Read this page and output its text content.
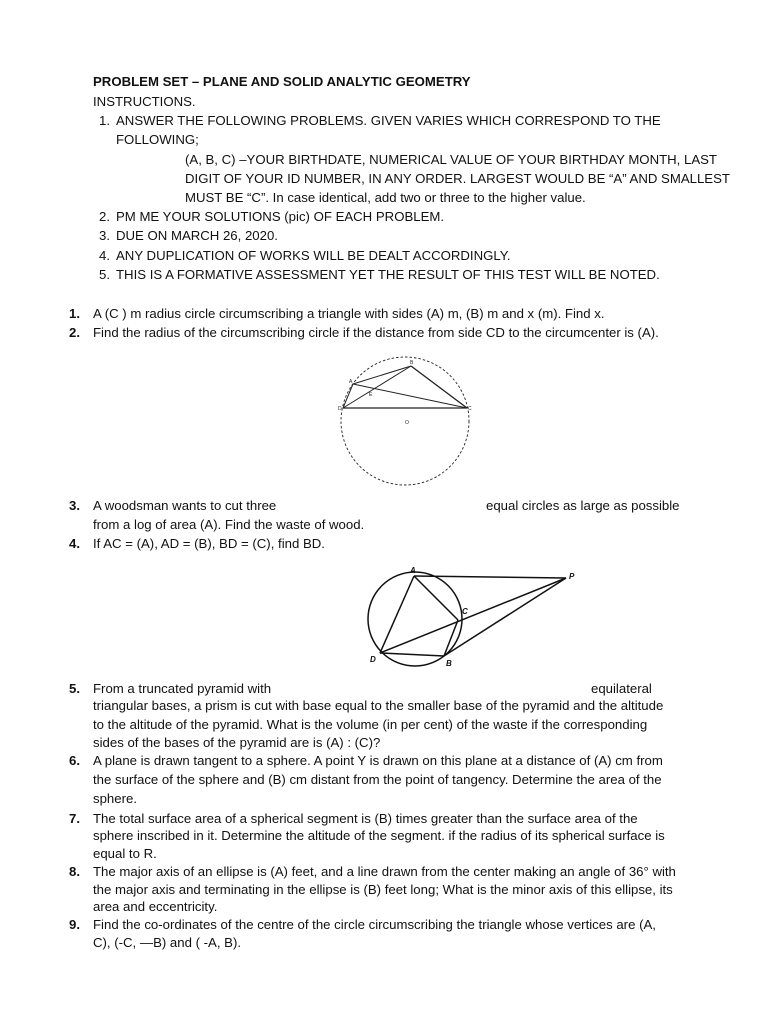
PROBLEM SET – PLANE AND SOLID ANALYTIC GEOMETRY
INSTRUCTIONS.
1. ANSWER THE FOLLOWING PROBLEMS. GIVEN VARIES WHICH CORRESPOND TO THE
FOLLOWING;
(A, B, C) –YOUR BIRTHDATE, NUMERICAL VALUE OF YOUR BIRTHDAY MONTH, LAST
DIGIT OF YOUR ID NUMBER, IN ANY ORDER. LARGEST WOULD BE “A” AND SMALLEST
MUST BE “C”. In case identical, add two or three to the higher value.
2. PM ME YOUR SOLUTIONS (pic) OF EACH PROBLEM.
3. DUE ON MARCH 26, 2020.
4. ANY DUPLICATION OF WORKS WILL BE DEALT ACCORDINGLY.
5. THIS IS A FORMATIVE ASSESSMENT YET THE RESULT OF THIS TEST WILL BE NOTED.
1. A (C ) m radius circle circumscribing a triangle with sides (A) m, (B) m and x (m). Find x.
2. Find the radius of the circumscribing circle if the distance from side CD to the circumcenter is (A).
A
B
C
D
E
O
3. A woodsman wants to cut three	equal circles as large as possible
from a log of area (A). Find the waste of wood.
4. If AC = (A), AD = (B), BD = (C), find BD.
A
P
C
D	B
5. From a truncated pyramid with	equilateral
triangular bases, a prism is cut with base equal to the smaller base of the pyramid and the altitude
to the altitude of the pyramid. What is the volume (in per cent) of the waste if the corresponding
sides of the bases of the pyramid are is (A) : (C)?
6. A plane is drawn tangent to a sphere. A point Y is drawn on this plane at a distance of (A) cm from
the surface of the sphere and (B) cm distant from the point of tangency. Determine the area of the
sphere.
7. The total surface area of a spherical segment is (B) times greater than the surface area of the
sphere inscribed in it. Determine the altitude of the segment. if the radius of its spherical surface is
equal to R.
8. The major axis of an ellipse is (A) feet, and a line drawn from the center making an angle of 36° with
the major axis and terminating in the ellipse is (B) feet long; What is the minor axis of this ellipse, its
area and eccentricity.
9. Find the co-ordinates of the centre of the circle circumscribing the triangle whose vertices are (A,
C), (-C, —B) and ( -A, B).
